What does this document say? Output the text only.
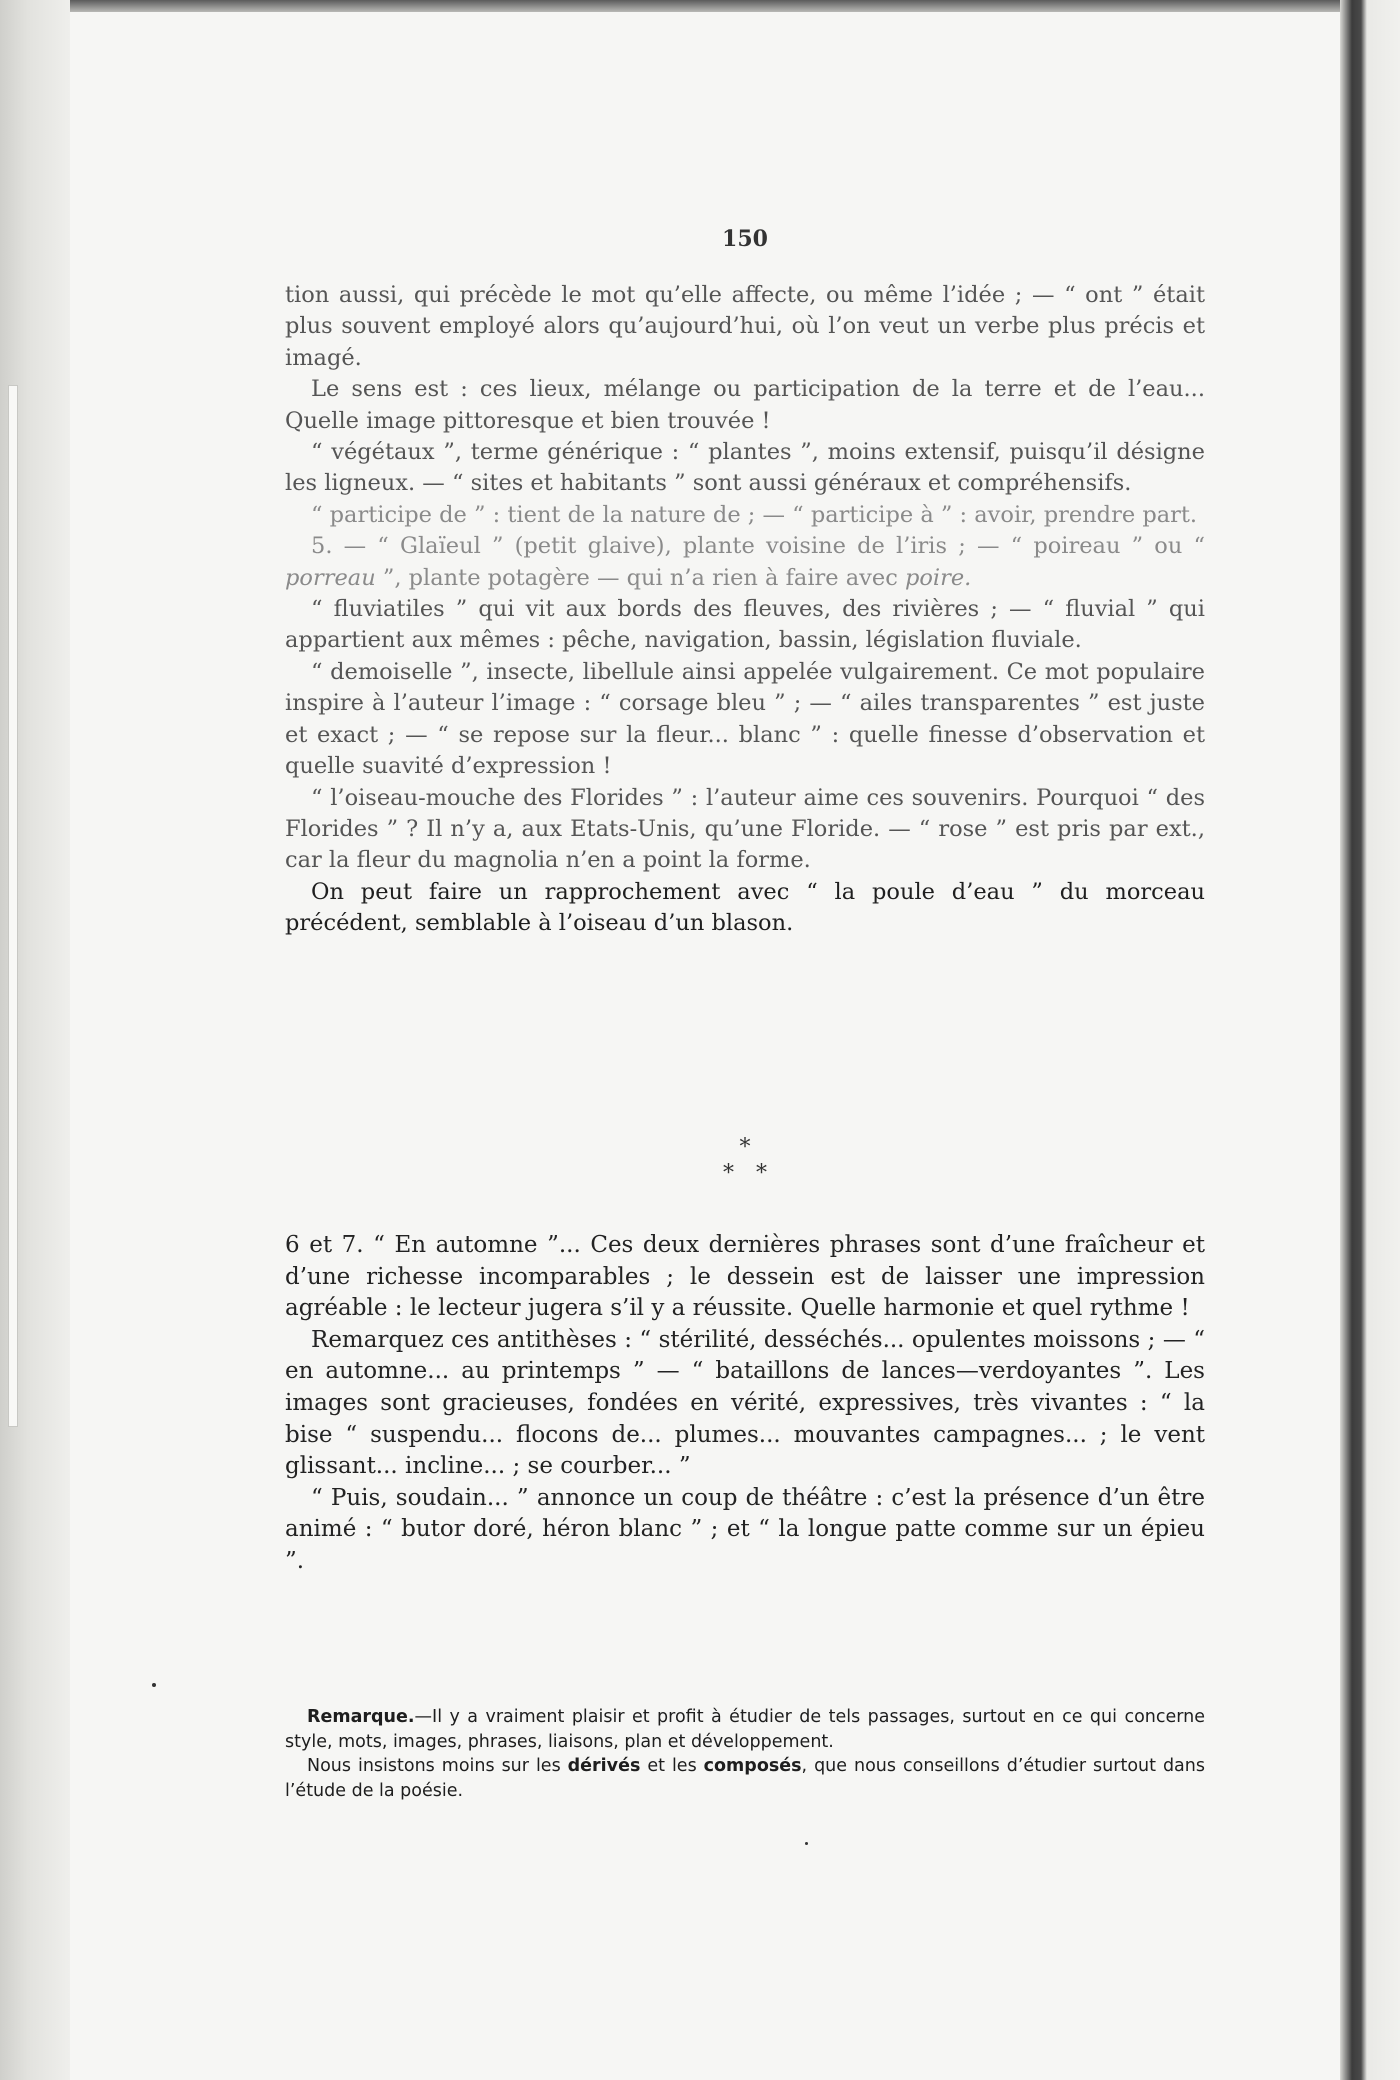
150

tion aussi, qui précède le mot qu’elle affecte, ou même l’idée ; — “ ont ” était plus souvent employé alors qu’aujourd’hui, où l’on veut un verbe plus précis et imagé.

Le sens est : ces lieux, mélange ou participation de la terre et de l’eau... Quelle image pittoresque et bien trouvée !

“ végétaux ”, terme générique : “ plantes ”, moins extensif, puisqu’il désigne les ligneux. — “ sites et habitants ” sont aussi généraux et compréhensifs.

“ participe de ” : tient de la nature de ; — “ participe à ” : avoir, prendre part.

5. — “ Glaïeul ” (petit glaive), plante voisine de l’iris ; — “ poireau ” ou “ porreau ”, plante potagère — qui n’a rien à faire avec poire.

“ fluviatiles ” qui vit aux bords des fleuves, des rivières ; — “ fluvial ” qui appartient aux mêmes : pêche, navigation, bassin, législation fluviale.

“ demoiselle ”, insecte, libellule ainsi appelée vulgairement. Ce mot populaire inspire à l’auteur l’image : “ corsage bleu ” ; — “ ailes transparentes ” est juste et exact ; — “ se repose sur la fleur... blanc ” : quelle finesse d’observation et quelle suavité d’expression !

“ l’oiseau-mouche des Florides ” : l’auteur aime ces souvenirs. Pourquoi “ des Florides ” ? Il n’y a, aux Etats-Unis, qu’une Floride. — “ rose ” est pris par ext., car la fleur du magnolia n’en a point la forme.

On peut faire un rapprochement avec “ la poule d’eau ” du morceau précédent, semblable à l’oiseau d’un blason.

*
**

6 et 7. “ En automne ”... Ces deux dernières phrases sont d’une fraîcheur et d’une richesse incomparables ; le dessein est de laisser une impression agréable : le lecteur jugera s’il y a réussite. Quelle harmonie et quel rythme !

Remarquez ces antithèses : “ stérilité, desséchés... opulentes moissons ; — “ en automne... au printemps ” — “ bataillons de lances—verdoyantes ”. Les images sont gracieuses, fondées en vérité, expressives, très vivantes : “ la bise “ suspendu... flocons de... plumes... mouvantes campagnes... ; le vent glissant... incline... ; se courber... ”

“ Puis, soudain... ” annonce un coup de théâtre : c’est la présence d’un être animé : “ butor doré, héron blanc ” ; et “ la longue patte comme sur un épieu ”.

Remarque.—Il y a vraiment plaisir et profit à étudier de tels passages, surtout en ce qui concerne style, mots, images, phrases, liaisons, plan et développement.

Nous insistons moins sur les dérivés et les composés, que nous conseillons d’étudier surtout dans l’étude de la poésie.
